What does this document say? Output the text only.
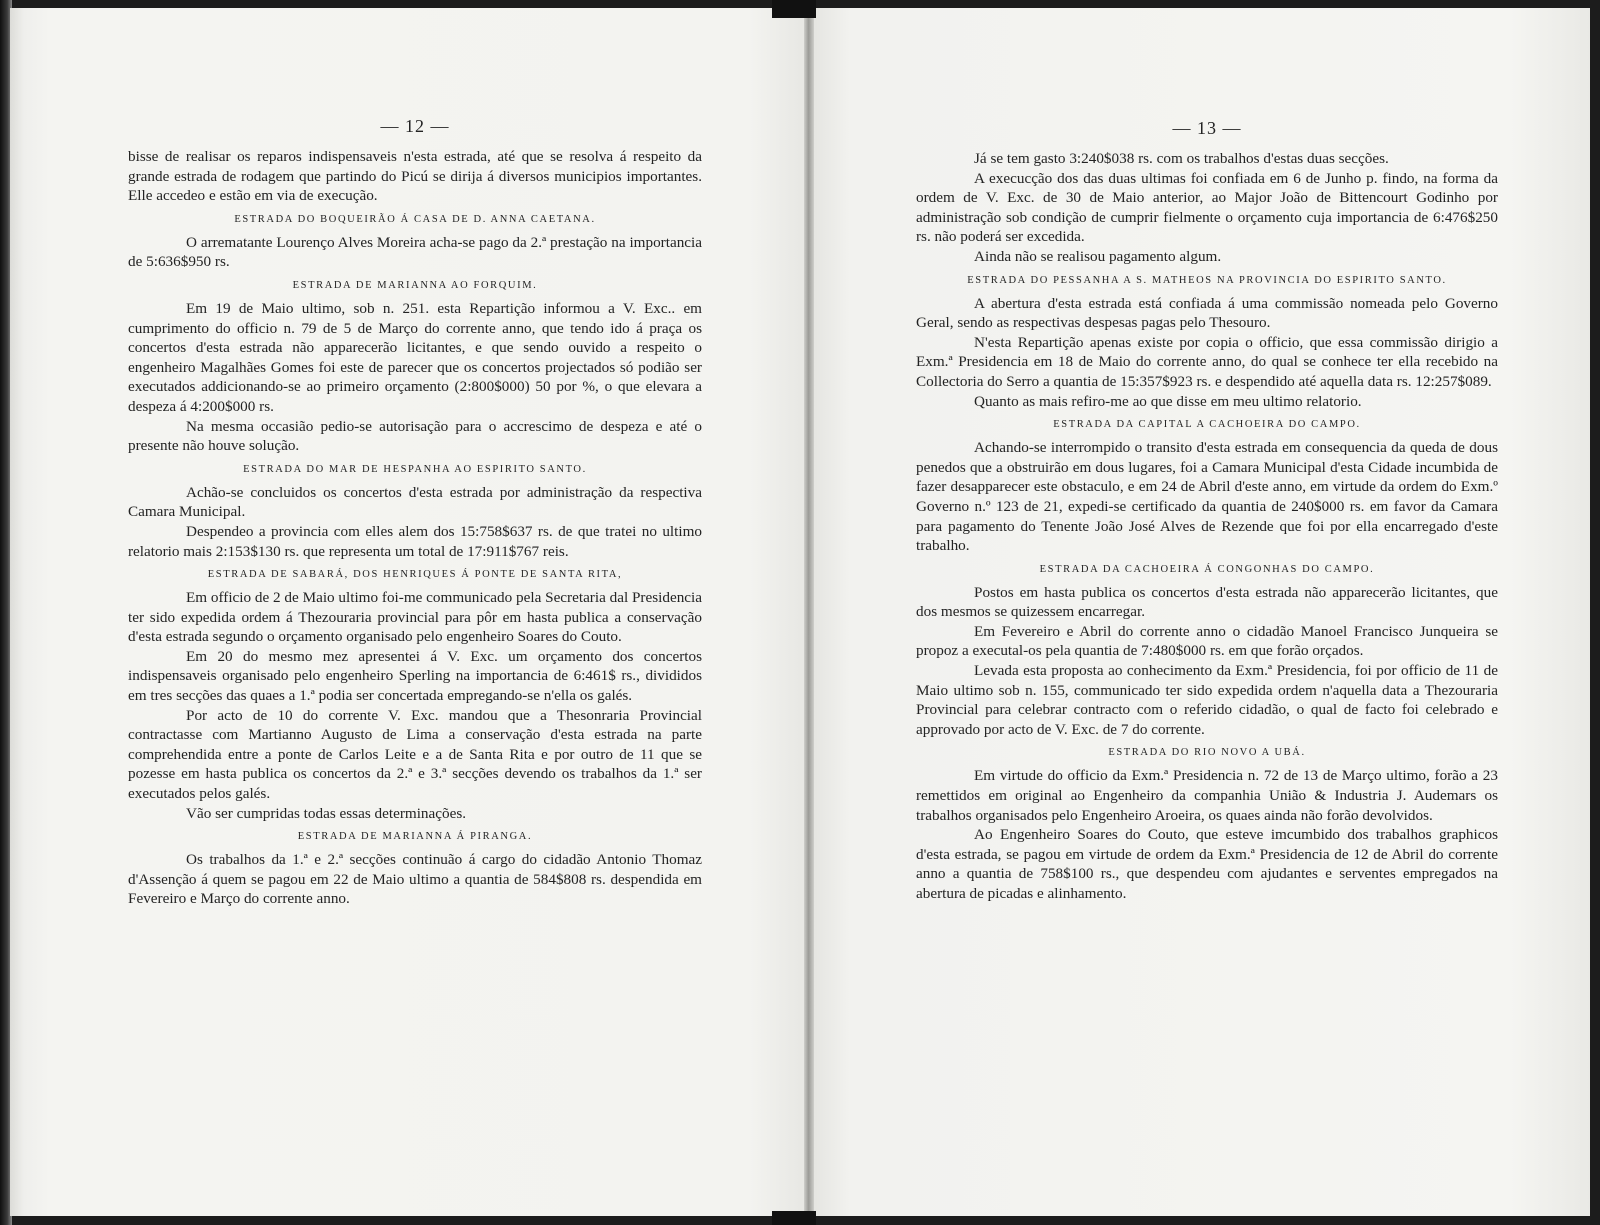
— 12 —

bisse de realisar os reparos indispensaveis n'esta estrada, até que se resolva á respeito da grande estrada de rodagem que partindo do Picú se dirija á diversos municipios importantes. Elle accedeo e estão em via de execução.

ESTRADA DO BOQUEIRÃO Á CASA DE D. ANNA CAETANA.

O arrematante Lourenço Alves Moreira acha-se pago da 2.ª prestação na importancia de 5:636$950 rs.

ESTRADA DE MARIANNA AO FORQUIM.

Em 19 de Maio ultimo, sob n. 251. esta Repartição informou a V. Exc.. em cumprimento do officio n. 79 de 5 de Março do corrente anno, que tendo ido á praça os concertos d'esta estrada não apparecerão licitantes, e que sendo ouvido a respeito o engenheiro Magalhães Gomes foi este de parecer que os concertos projectados só podião ser executados addicionando-se ao primeiro orçamento (2:800$000) 50 por %, o que elevara a despeza á 4:200$000 rs.

Na mesma occasião pedio-se autorisação para o accrescimo de despeza e até o presente não houve solução.

ESTRADA DO MAR DE HESPANHA AO ESPIRITO SANTO.

Achão-se concluidos os concertos d'esta estrada por administração da respectiva Camara Municipal.

Despendeo a provincia com elles alem dos 15:758$637 rs. de que tratei no ultimo relatorio mais 2:153$130 rs. que representa um total de 17:911$767 reis.

ESTRADA DE SABARÁ, DOS HENRIQUES Á PONTE DE SANTA RITA,

Em officio de 2 de Maio ultimo foi-me communicado pela Secretaria dal Presidencia ter sido expedida ordem á Thezouraria provincial para pôr em hasta publica a conservação d'esta estrada segundo o orçamento organisado pelo engenheiro Soares do Couto.

Em 20 do mesmo mez apresentei á V. Exc. um orçamento dos concertos indispensaveis organisado pelo engenheiro Sperling na importancia de 6:461$ rs., divididos em tres secções das quaes a 1.ª podia ser concertada empregando-se n'ella os galés.

Por acto de 10 do corrente V. Exc. mandou que a Thesonraria Provincial contractasse com Martianno Augusto de Lima a conservação d'esta estrada na parte comprehendida entre a ponte de Carlos Leite e a de Santa Rita e por outro de 11 que se pozesse em hasta publica os concertos da 2.ª e 3.ª secções devendo os trabalhos da 1.ª ser executados pelos galés.

Vão ser cumpridas todas essas determinações.

ESTRADA DE MARIANNA Á PIRANGA.

Os trabalhos da 1.ª e 2.ª secções continuão á cargo do cidadão Antonio Thomaz d'Assenção á quem se pagou em 22 de Maio ultimo a quantia de 584$808 rs. despendida em Fevereiro e Março do corrente anno.

— 13 —

Já se tem gasto 3:240$038 rs. com os trabalhos d'estas duas secções.

A execucção dos das duas ultimas foi confiada em 6 de Junho p. findo, na forma da ordem de V. Exc. de 30 de Maio anterior, ao Major João de Bittencourt Godinho por administração sob condição de cumprir fielmente o orçamento cuja importancia de 6:476$250 rs. não poderá ser excedida.

Ainda não se realisou pagamento algum.

ESTRADA DO PESSANHA A S. MATHEOS NA PROVINCIA DO ESPIRITO SANTO.

A abertura d'esta estrada está confiada á uma commissão nomeada pelo Governo Geral, sendo as respectivas despesas pagas pelo Thesouro.

N'esta Repartição apenas existe por copia o officio, que essa commissão dirigio a Exm.ª Presidencia em 18 de Maio do corrente anno, do qual se conhece ter ella recebido na Collectoria do Serro a quantia de 15:357$923 rs. e despendido até aquella data rs. 12:257$089.

Quanto as mais refiro-me ao que disse em meu ultimo relatorio.

ESTRADA DA CAPITAL A CACHOEIRA DO CAMPO.

Achando-se interrompido o transito d'esta estrada em consequencia da queda de dous penedos que a obstruirão em dous lugares, foi a Camara Municipal d'esta Cidade incumbida de fazer desapparecer este obstaculo, e em 24 de Abril d'este anno, em virtude da ordem do Exm.º Governo n.º 123 de 21, expedi-se certificado da quantia de 240$000 rs. em favor da Camara para pagamento do Tenente João José Alves de Rezende que foi por ella encarregado d'este trabalho.

ESTRADA DA CACHOEIRA Á CONGONHAS DO CAMPO.

Postos em hasta publica os concertos d'esta estrada não apparecerão licitantes, que dos mesmos se quizessem encarregar.

Em Fevereiro e Abril do corrente anno o cidadão Manoel Francisco Junqueira se propoz a executal-os pela quantia de 7:480$000 rs. em que forão orçados.

Levada esta proposta ao conhecimento da Exm.ª Presidencia, foi por officio de 11 de Maio ultimo sob n. 155, communicado ter sido expedida ordem n'aquella data a Thezouraria Provincial para celebrar contracto com o referido cidadão, o qual de facto foi celebrado e approvado por acto de V. Exc. de 7 do corrente.

ESTRADA DO RIO NOVO A UBÁ.

Em virtude do officio da Exm.ª Presidencia n. 72 de 13 de Março ultimo, forão a 23 remettidos em original ao Engenheiro da companhia União & Industria J. Audemars os trabalhos organisados pelo Engenheiro Aroeira, os quaes ainda não forão devolvidos.

Ao Engenheiro Soares do Couto, que esteve imcumbido dos trabalhos graphicos d'esta estrada, se pagou em virtude de ordem da Exm.ª Presidencia de 12 de Abril do corrente anno a quantia de 758$100 rs., que despendeu com ajudantes e serventes empregados na abertura de picadas e alinhamento.
